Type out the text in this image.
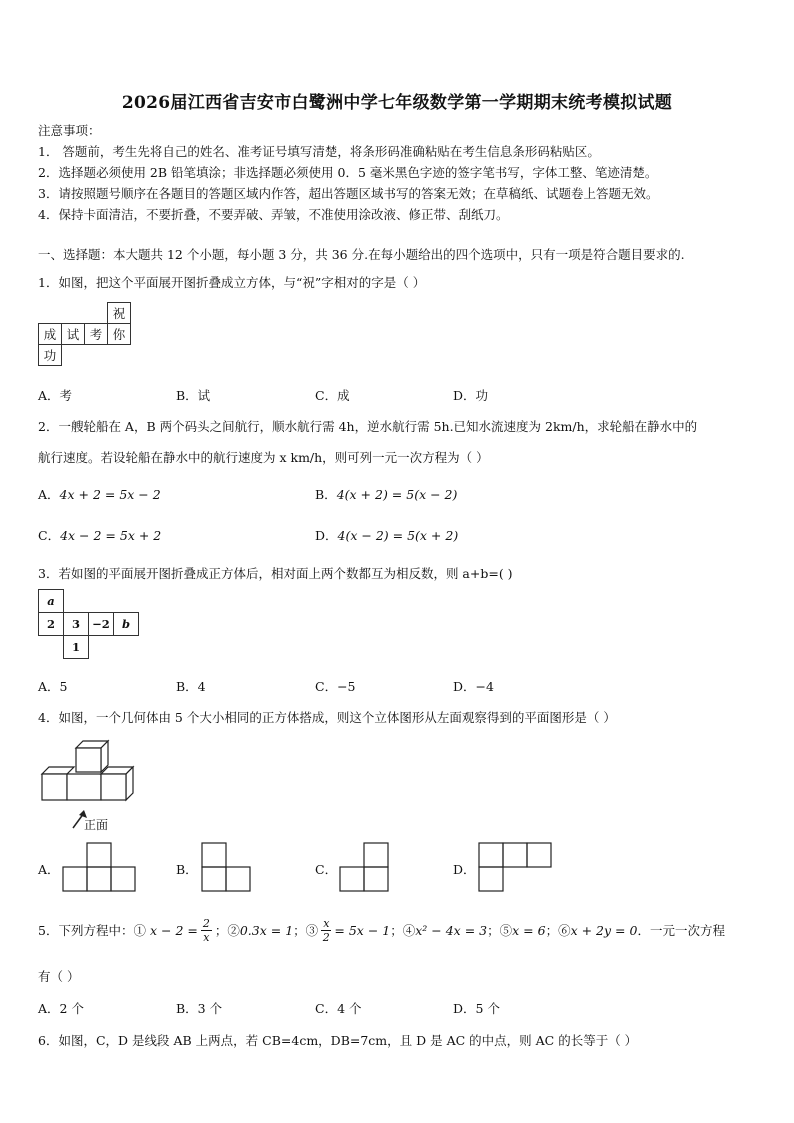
2026届江西省吉安市白鹭洲中学七年级数学第一学期期末统考模拟试题
注意事项：
1． 答题前，考生先将自己的姓名、准考证号填写清楚，将条形码准确粘贴在考生信息条形码粘贴区。
2．选择题必须使用 2B 铅笔填涂；非选择题必须使用 0．5 毫米黑色字迹的签字笔书写，字体工整、笔迹清楚。
3．请按照题号顺序在各题目的答题区域内作答，超出答题区域书写的答案无效；在草稿纸、试题卷上答题无效。
4．保持卡面清洁，不要折叠，不要弄破、弄皱，不准使用涂改液、修正带、刮纸刀。
一、选择题：本大题共 12 个小题，每小题 3 分，共 36 分.在每小题给出的四个选项中，只有一项是符合题目要求的.
1．如图，把这个平面展开图折叠成立方体，与“祝”字相对的字是（ ）
			祝
成	试	考	你
功			
A．考	B．试	C．成	D．功
2．一艘轮船在 A，B 两个码头之间航行，顺水航行需 4h，逆水航行需 5h.已知水流速度为 2km/h，求轮船在静水中的
航行速度。若设轮船在静水中的航行速度为 x km/h，则可列一元一次方程为（ ）
A．4x + 2 = 5x − 2	B．4(x + 2) = 5(x − 2)
C．4x − 2 = 5x + 2	D．4(x − 2) = 5(x + 2)
3．若如图的平面展开图折叠成正方体后，相对面上两个数都互为相反数，则 a+b=( )
a			
2	3	−2	b
	1		
A．5	B．4	C．−5	D．−4
4．如图，一个几何体由 5 个大小相同的正方体搭成，则这个立体图形从左面观察得到的平面图形是（ ）
正面
A．	B．	C．	D．
5．下列方程中：① $x - 2 = \frac{2}{x}$ ；② 0.3x = 1 ；③ $\frac{x}{2} = 5x - 1$ ；④ x² − 4x = 3 ；⑤ x = 6 ；⑥ x + 2y = 0 ．一元一次方程
有（ ）
A．2 个	B．3 个	C．4 个	D．5 个
6．如图，C，D 是线段 AB 上两点，若 CB=4cm，DB=7cm，且 D 是 AC 的中点，则 AC 的长等于（ ）
